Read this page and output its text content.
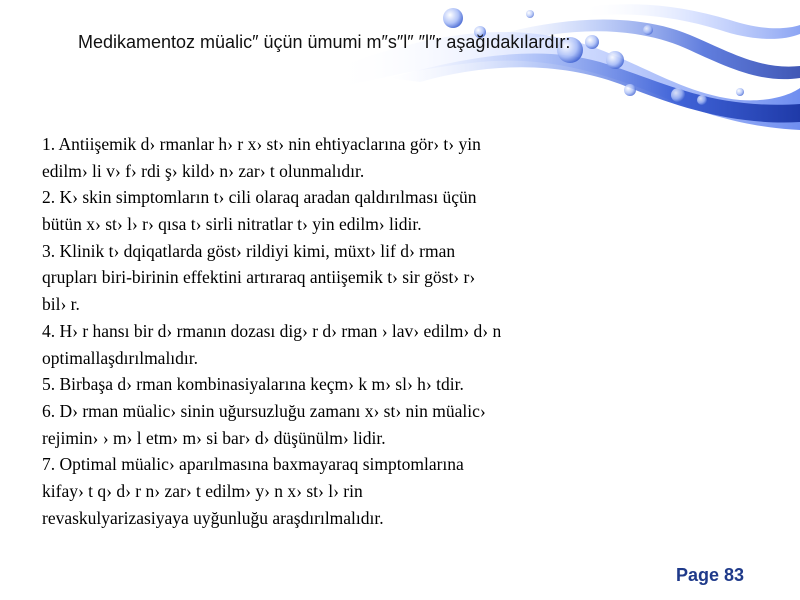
Medikamentoz müalic″ üçün ümumi m″s″l″ ″l″r aşağıdakılardır:
1. Antiişemik d› rmanlar h› r x› st› nin ehtiyaclarına gör› t› yin
edilm› li v› f› rdi ş› kild› n› zar› t olunmalıdır.
2. K› skin simptomların t› cili olaraq aradan qaldırılması üçün
bütün x› st› l› r› qısa t› sirli nitratlar t› yin edilm› lidir.
3. Klinik t› dqiqatlarda göst› rildiyi kimi, müxt› lif d› rman
qrupları biri-birinin effektini artıraraq antiişemik t› sir göst› r›
bil› r.
4. H› r hansı bir d› rmanın dozası dig› r d› rman › lav› edilm› d› n
optimallaşdırılmalıdır.
5. Birbaşa d› rman kombinasiyalarına keçm› k m› sl› h› tdir.
6. D› rman müalic› sinin uğursuzluğu zamanı x› st› nin müalic›
rejimin› › m› l etm› m› si bar› d› düşünülm› lidir.
7. Optimal müalic› aparılmasına baxmayaraq simptomlarına
kifay› t q› d› r n› zar› t edilm› y› n x› st› l› rin
revaskulyarizasiyaya uyğunluğu araşdırılmalıdır.
Page 83
